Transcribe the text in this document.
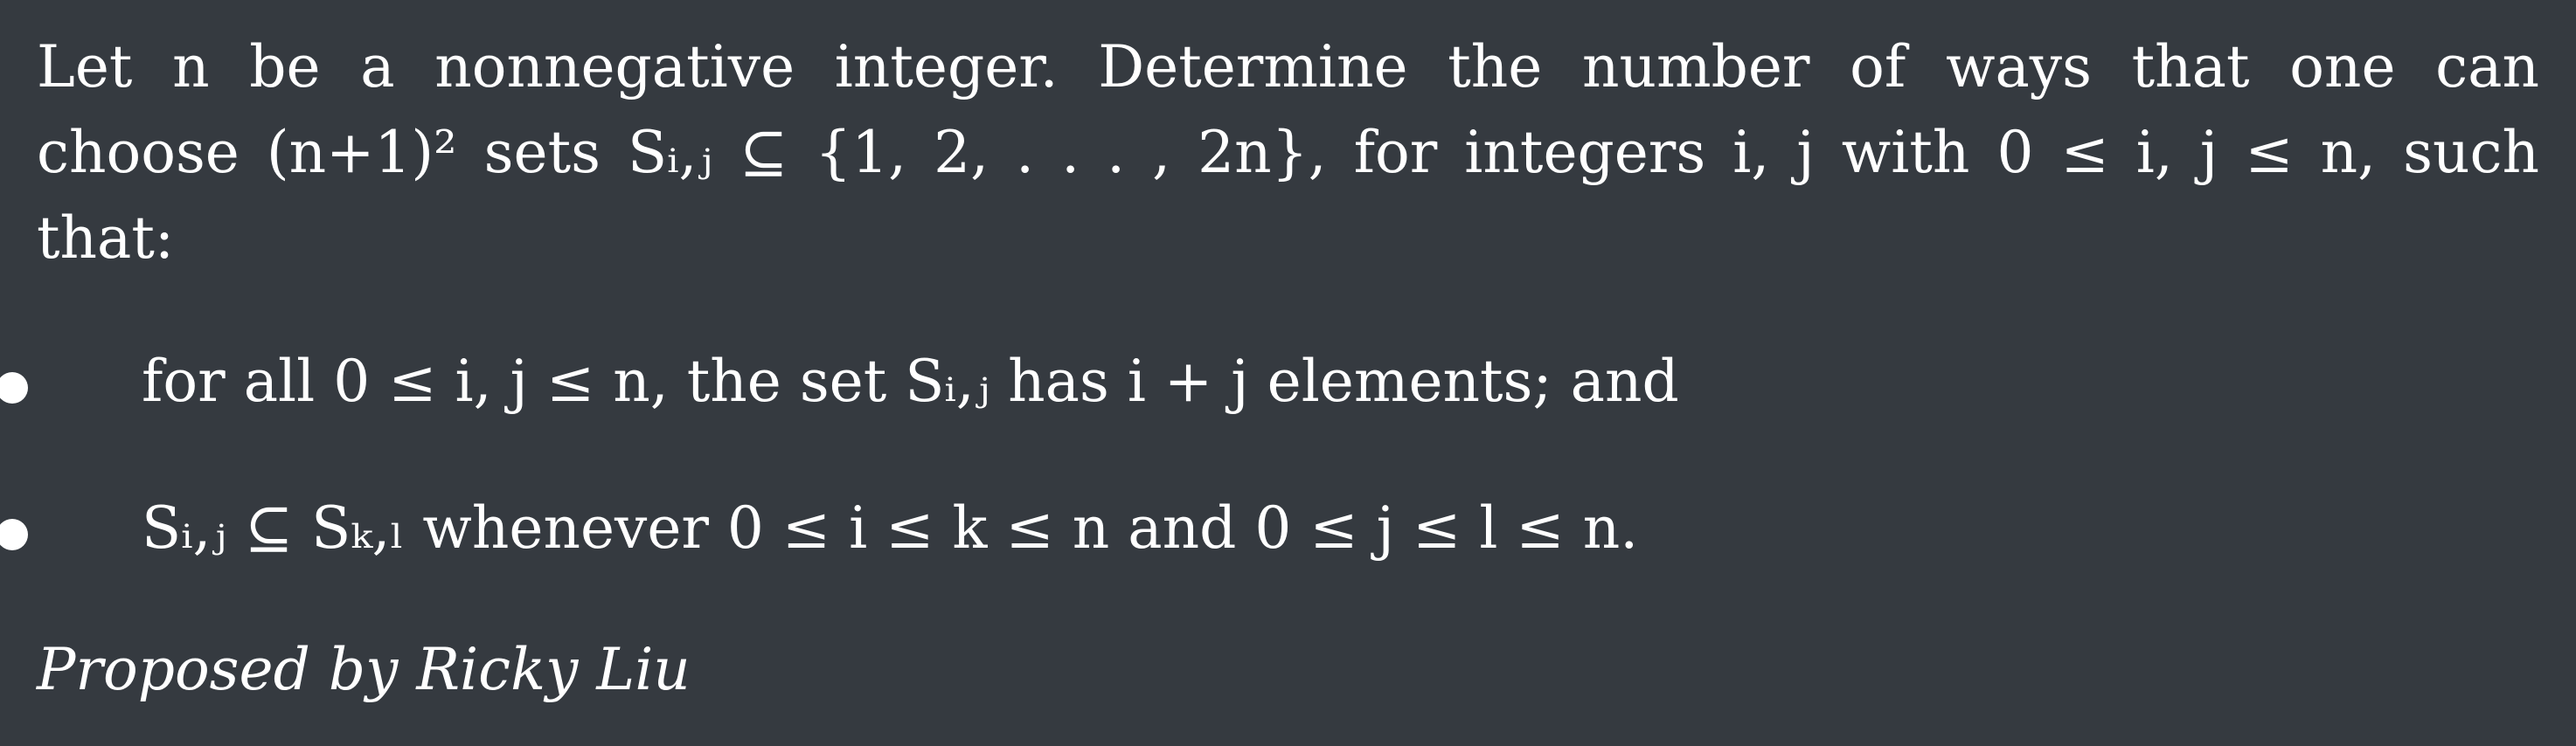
Let n be a nonnegative integer. Determine the number of ways that one can
choose (n+1)² sets Sᵢ,ⱼ ⊆ {1, 2, . . . , 2n}, for integers i, j with 0 ≤ i, j ≤ n, such
that:
for all 0 ≤ i, j ≤ n, the set Sᵢ,ⱼ has i + j elements; and
Sᵢ,ⱼ ⊆ Sₖ,ₗ whenever 0 ≤ i ≤ k ≤ n and 0 ≤ j ≤ l ≤ n.
Proposed by Ricky Liu
